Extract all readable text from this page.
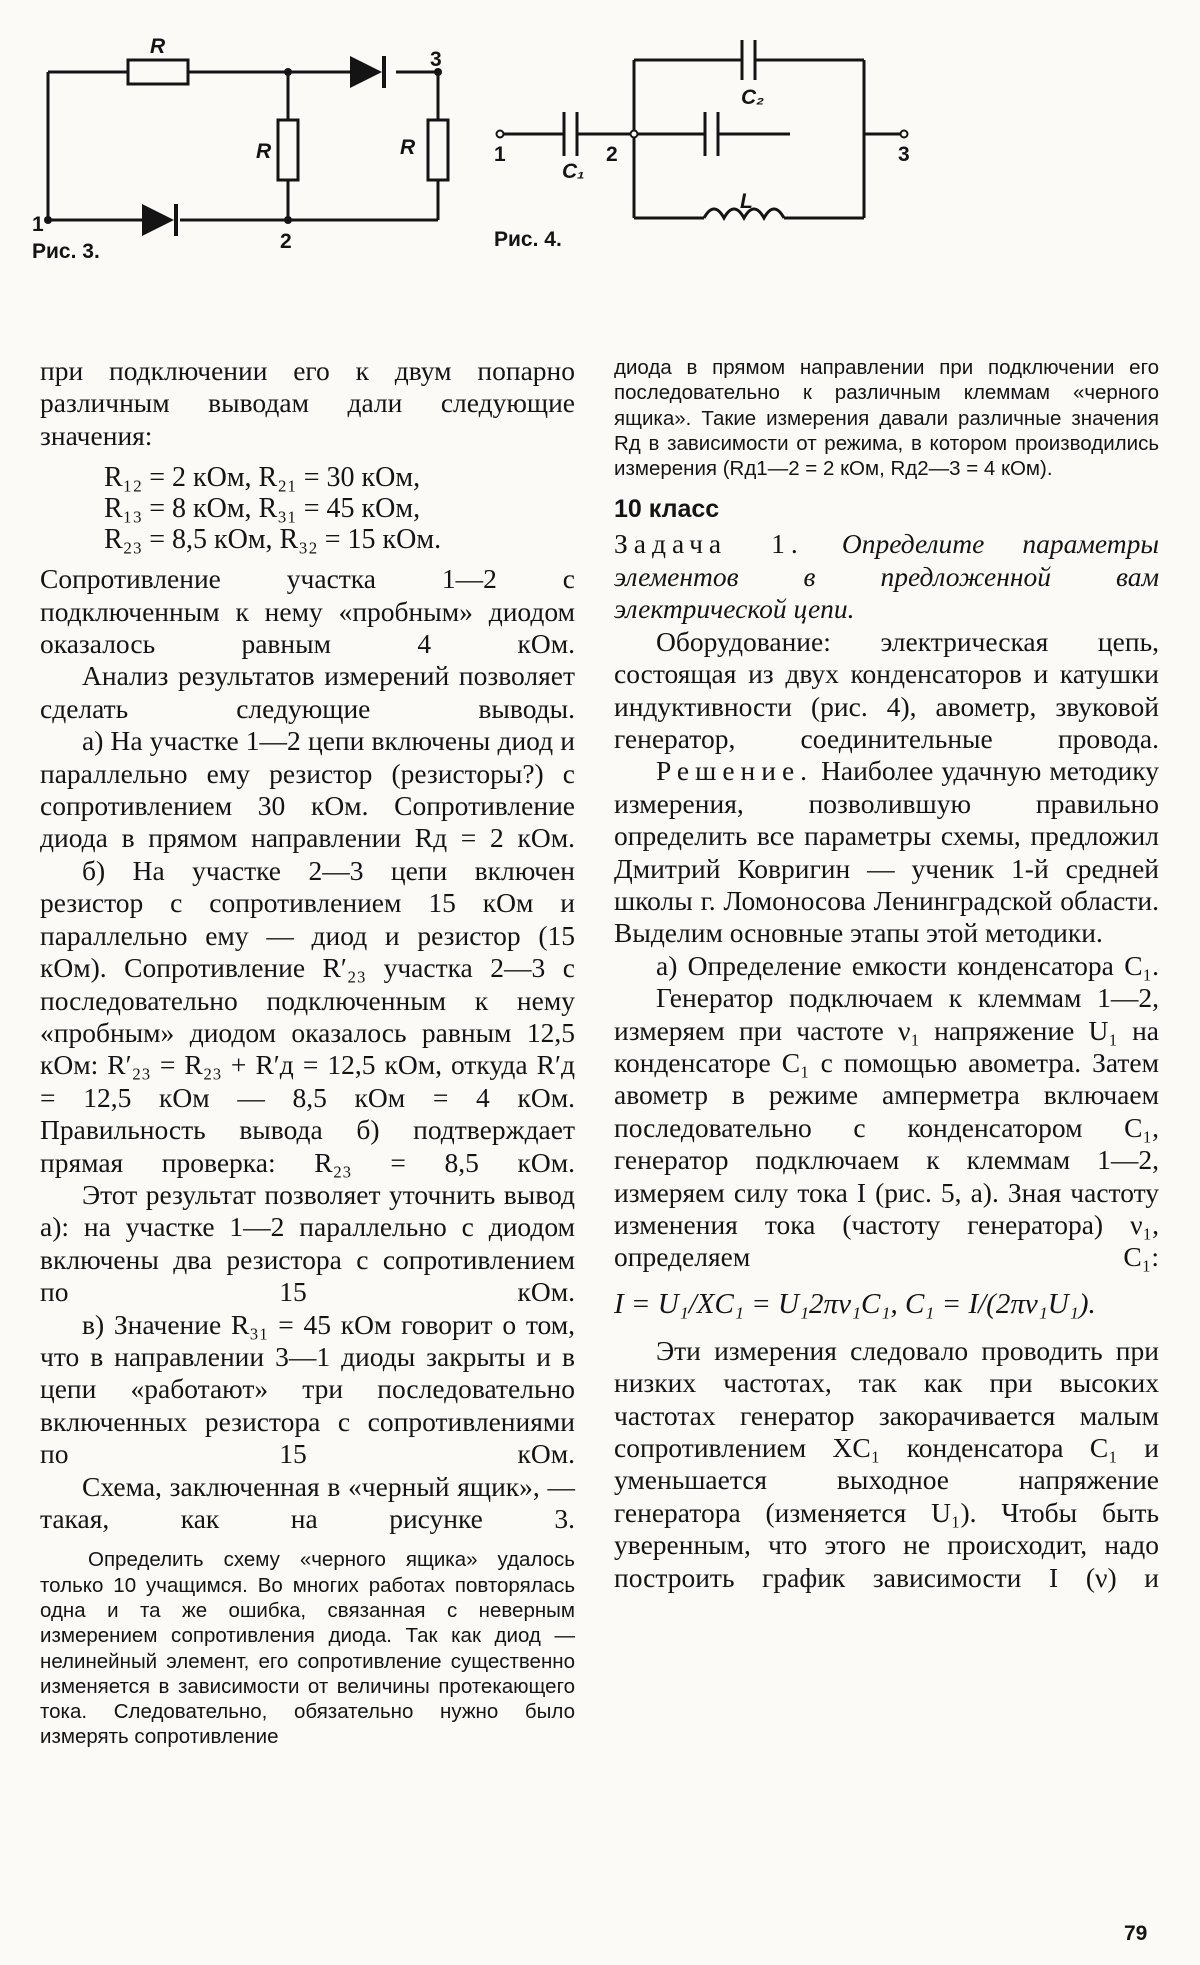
R
R	R
1
2
3
Рис. 3.
C₂
C₁
L
1	2	3
Рис. 4.

при подключении его к двум попарно различным выводам дали следующие значения:

R₁₂ = 2 кОм, R₂₁ = 30 кОм,
R₁₃ = 8 кОм, R₃₁ = 45 кОм,
R₂₃ = 8,5 кОм, R₃₂ = 15 кОм.

Сопротивление участка 1—2 с подключенным к нему «пробным» диодом оказалось равным 4 кОм.

Анализ результатов измерений позволяет сделать следующие выводы.

а) На участке 1—2 цепи включены диод и параллельно ему резистор (резисторы?) с сопротивлением 30 кОм. Сопротивление диода в прямом направлении Rд = 2 кОм.

б) На участке 2—3 цепи включен резистор с сопротивлением 15 кОм и параллельно ему — диод и резистор (15 кОм). Сопротивление R′₂₃ участка 2—3 с последовательно подключенным к нему «пробным» диодом оказалось равным 12,5 кОм: R′₂₃ = R₂₃ + R′д = 12,5 кОм, откуда R′д = 12,5 кОм — 8,5 кОм = 4 кОм. Правильность вывода б) подтверждает прямая проверка: R₂₃ = 8,5 кОм.

Этот результат позволяет уточнить вывод а): на участке 1—2 параллельно с диодом включены два резистора с сопротивлением по 15 кОм.

в) Значение R₃₁ = 45 кОм говорит о том, что в направлении 3—1 диоды закрыты и в цепи «работают» три последовательно включенных резистора с сопротивлениями по 15 кОм.

Схема, заключенная в «черный ящик», — такая, как на рисунке 3.

Определить схему «черного ящика» удалось только 10 учащимся. Во многих работах повторялась одна и та же ошибка, связанная с неверным измерением сопротивления диода. Так как диод — нелинейный элемент, его сопротивление существенно изменяется в зависимости от величины протекающего тока. Следовательно, обязательно нужно было измерять сопротивление

диода в прямом направлении при подключении его последовательно к различным клеммам «черного ящика». Такие измерения давали различные значения Rд в зависимости от режима, в котором производились измерения (Rд1—2 = 2 кОм, Rд2—3 = 4 кОм).

10 класс

Задача 1. Определите параметры элементов в предложенной вам электрической цепи.

Оборудование: электрическая цепь, состоящая из двух конденсаторов и катушки индуктивности (рис. 4), авометр, звуковой генератор, соединительные провода.

Решение. Наиболее удачную методику измерения, позволившую правильно определить все параметры схемы, предложил Дмитрий Ковригин — ученик 1-й средней школы г. Ломоносова Ленинградской области. Выделим основные этапы этой методики.

а) Определение емкости конденсатора C₁.

Генератор подключаем к клеммам 1—2, измеряем при частоте ν₁ напряжение U₁ на конденсаторе C₁ с помощью авометра. Затем авометр в режиме амперметра включаем последовательно с конденсатором C₁, генератор подключаем к клеммам 1—2, измеряем силу тока I (рис. 5, а). Зная частоту изменения тока (частоту генератора) ν₁, определяем C₁:

I = U₁/XC₁ = U₁2πν₁C₁, C₁ = I/(2πν₁U₁).

Эти измерения следовало проводить при низких частотах, так как при высоких частотах генератор закорачивается малым сопротивлением XC₁ конденсатора C₁ и уменьшается выходное напряжение генератора (изменяется U₁). Чтобы быть уверенным, что этого не происходит, надо построить график зависимости I (ν) и

79
